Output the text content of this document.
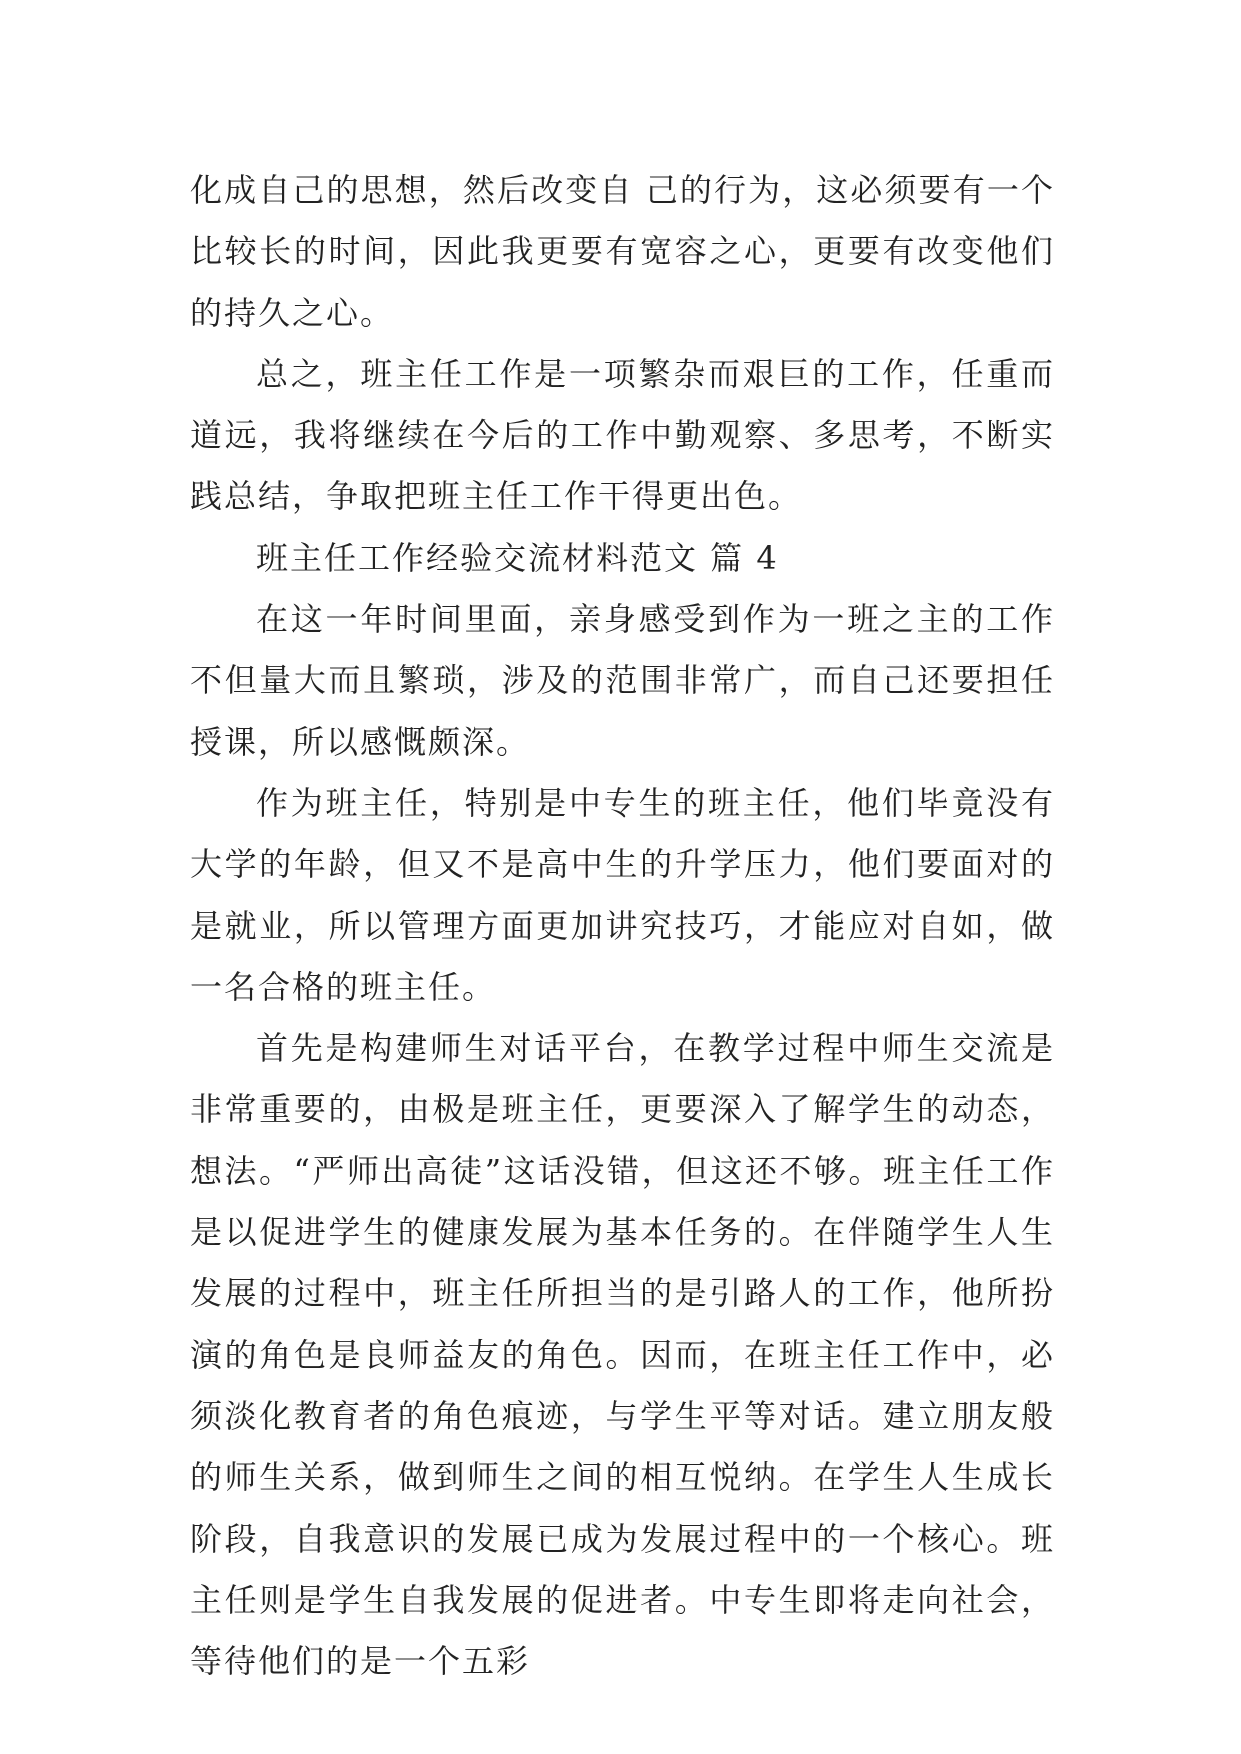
化成自己的思想，然后改变自 己的行为，这必须要有一个比较长的时间，因此我更要有宽容之心，更要有改变他们的持久之心。

总之，班主任工作是一项繁杂而艰巨的工作，任重而道远，我将继续在今后的工作中勤观察、多思考，不断实践总结，争取把班主任工作干得更出色。

班主任工作经验交流材料范文 篇 4

在这一年时间里面，亲身感受到作为一班之主的工作不但量大而且繁琐，涉及的范围非常广，而自己还要担任授课，所以感慨颇深。

作为班主任，特别是中专生的班主任，他们毕竟没有大学的年龄，但又不是高中生的升学压力，他们要面对的是就业，所以管理方面更加讲究技巧，才能应对自如，做一名合格的班主任。

首先是构建师生对话平台，在教学过程中师生交流是非常重要的，由极是班主任，更要深入了解学生的动态，想法。“严师出高徒”这话没错，但这还不够。班主任工作是以促进学生的健康发展为基本任务的。在伴随学生人生发展的过程中，班主任所担当的是引路人的工作，他所扮演的角色是良师益友的角色。因而，在班主任工作中，必须淡化教育者的角色痕迹，与学生平等对话。建立朋友般的师生关系，做到师生之间的相互悦纳。在学生人生成长阶段，自我意识的发展已成为发展过程中的一个核心。班主任则是学生自我发展的促进者。中专生即将走向社会，等待他们的是一个五彩
